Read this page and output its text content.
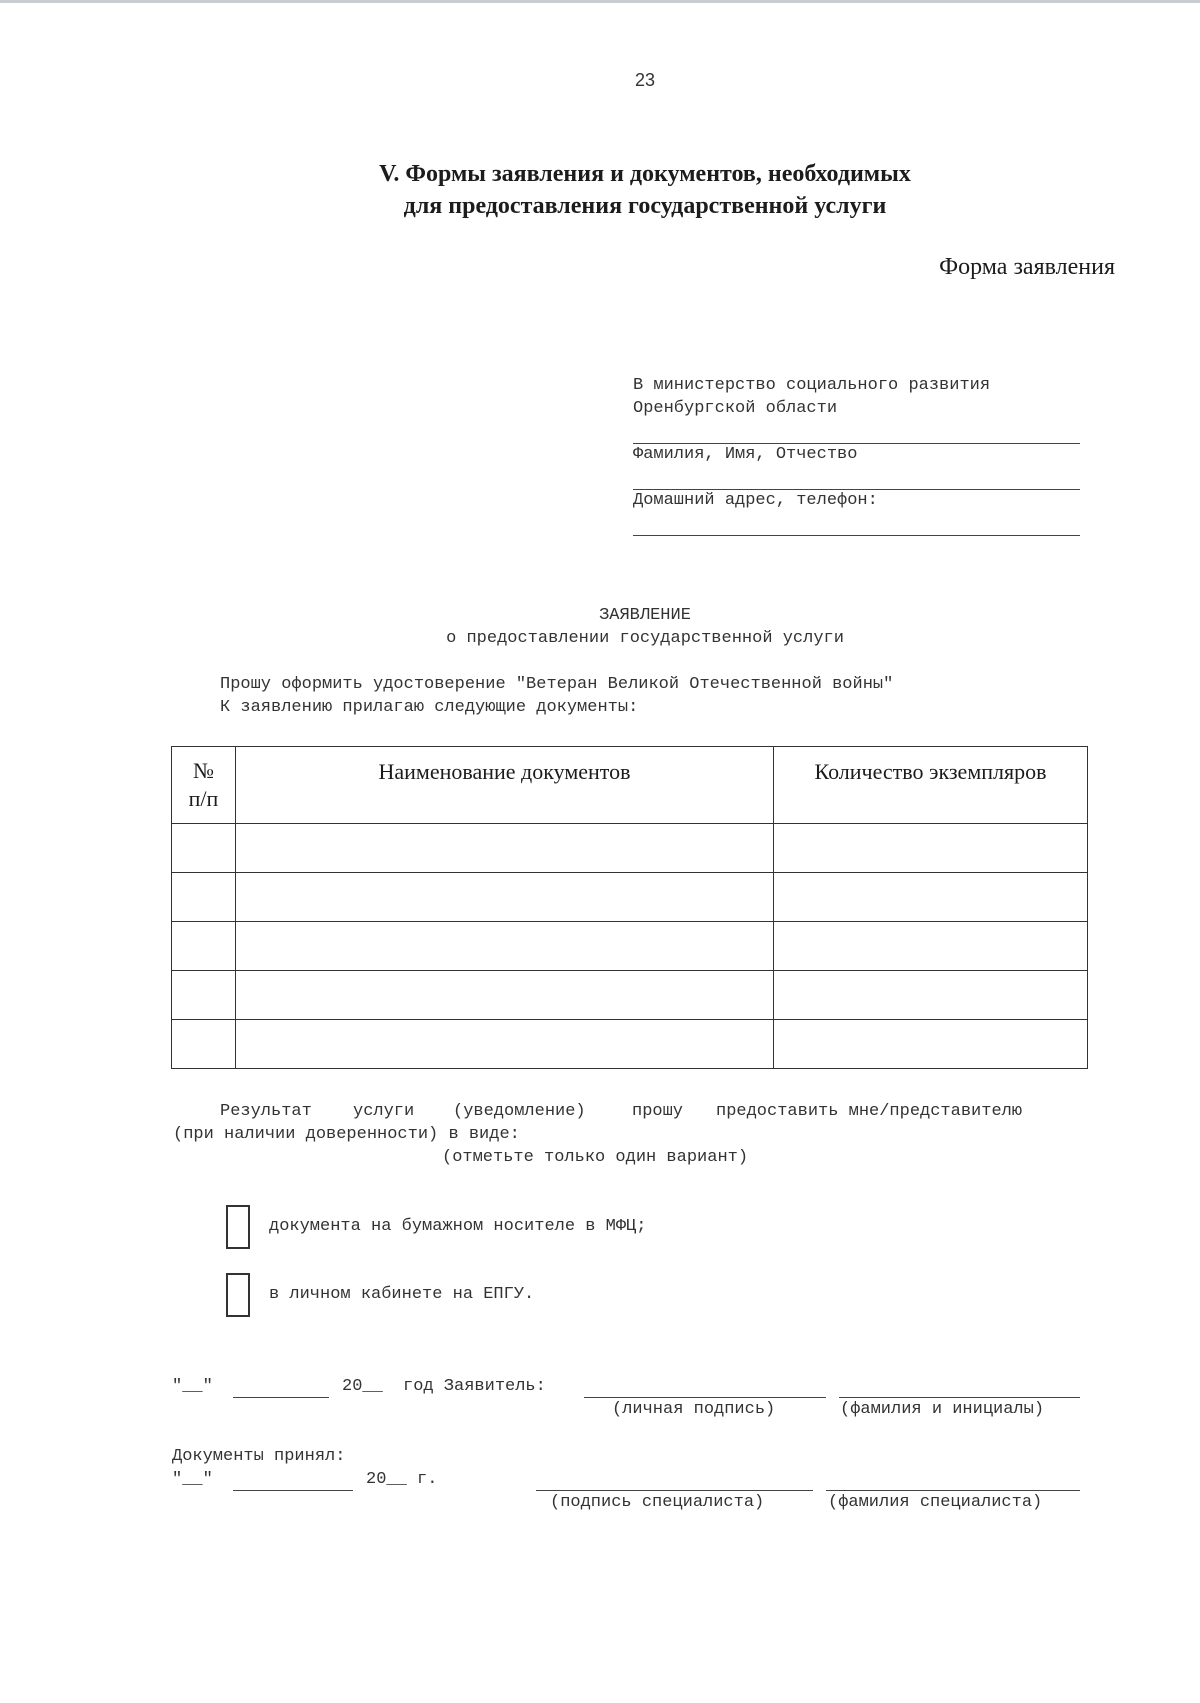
23
V. Формы заявления и документов, необходимых
для предоставления государственной услуги
Форма заявления
В министерство социального развития
Оренбургской области
Фамилия, Имя, Отчество
Домашний адрес, телефон:
ЗАЯВЛЕНИЕ
о предоставлении государственной услуги
Прошу оформить удостоверение "Ветеран Великой Отечественной войны"
К заявлению прилагаю следующие документы:
№
п/п	Наименование документов	Количество экземпляров

Результат услуги (уведомление)	прошу предоставить мне/представителю
(при наличии доверенности) в виде:
(отметьте только один вариант)
документа на бумажном носителе в МФЦ;
в личном кабинете на ЕПГУ.
"__"	20__ год Заявитель:
(личная подпись)	(фамилия и инициалы)
Документы принял:
"__"	20__ г.
(подпись специалиста)	(фамилия специалиста)
